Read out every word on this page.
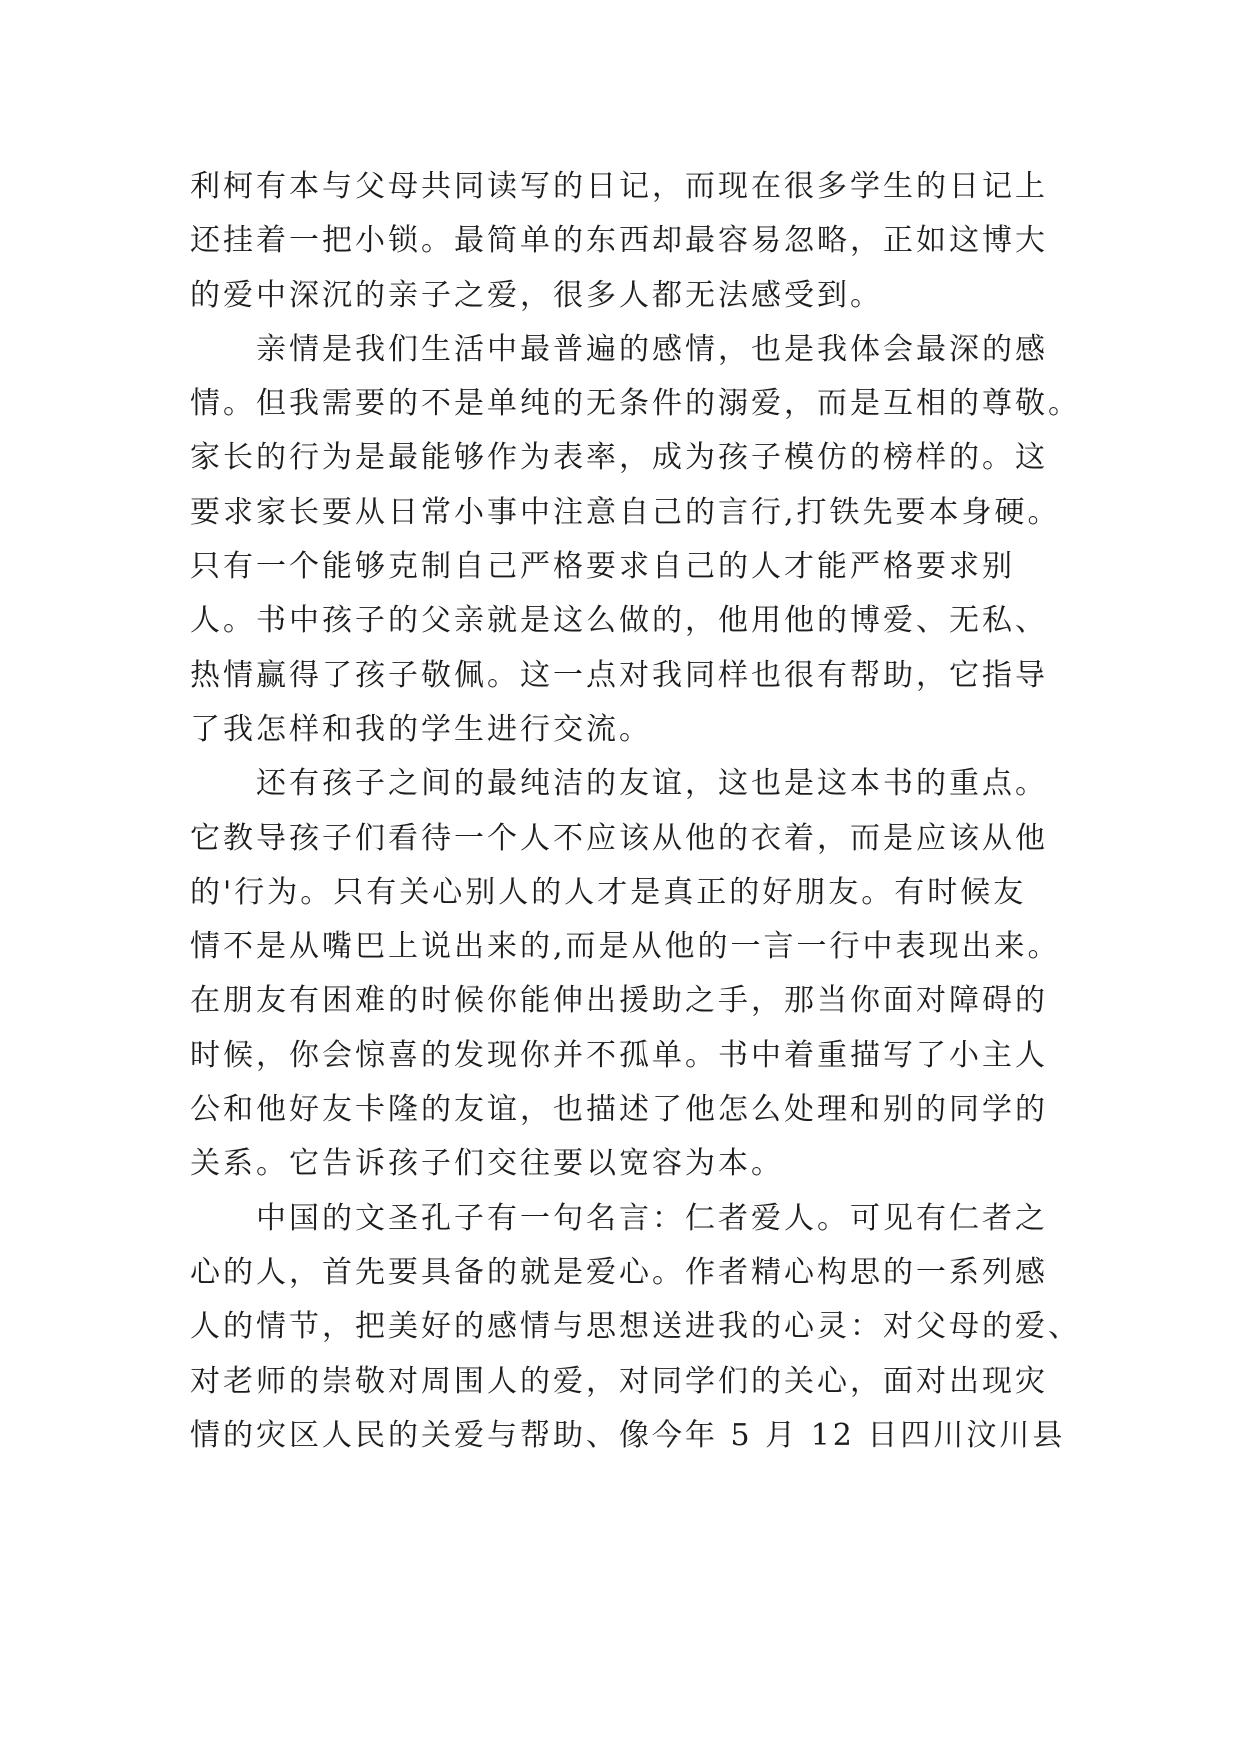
利柯有本与父母共同读写的日记，而现在很多学生的日记上
还挂着一把小锁。最简单的东西却最容易忽略，正如这博大
的爱中深沉的亲子之爱，很多人都无法感受到。
　　亲情是我们生活中最普遍的感情，也是我体会最深的感
情。但我需要的不是单纯的无条件的溺爱，而是互相的尊敬。
家长的行为是最能够作为表率，成为孩子模仿的榜样的。这
要求家长要从日常小事中注意自己的言行,打铁先要本身硬。
只有一个能够克制自己严格要求自己的人才能严格要求别
人。书中孩子的父亲就是这么做的，他用他的博爱、无私、
热情赢得了孩子敬佩。这一点对我同样也很有帮助，它指导
了我怎样和我的学生进行交流。
　　还有孩子之间的最纯洁的友谊，这也是这本书的重点。
它教导孩子们看待一个人不应该从他的衣着，而是应该从他
的'行为。只有关心别人的人才是真正的好朋友。有时候友
情不是从嘴巴上说出来的,而是从他的一言一行中表现出来。
在朋友有困难的时候你能伸出援助之手，那当你面对障碍的
时候，你会惊喜的发现你并不孤单。书中着重描写了小主人
公和他好友卡隆的友谊，也描述了他怎么处理和别的同学的
关系。它告诉孩子们交往要以宽容为本。
　　中国的文圣孔子有一句名言：仁者爱人。可见有仁者之
心的人，首先要具备的就是爱心。作者精心构思的一系列感
人的情节，把美好的感情与思想送进我的心灵：对父母的爱、
对老师的崇敬对周围人的爱，对同学们的关心，面对出现灾
情的灾区人民的关爱与帮助、像今年 5 月 12 日四川汶川县
